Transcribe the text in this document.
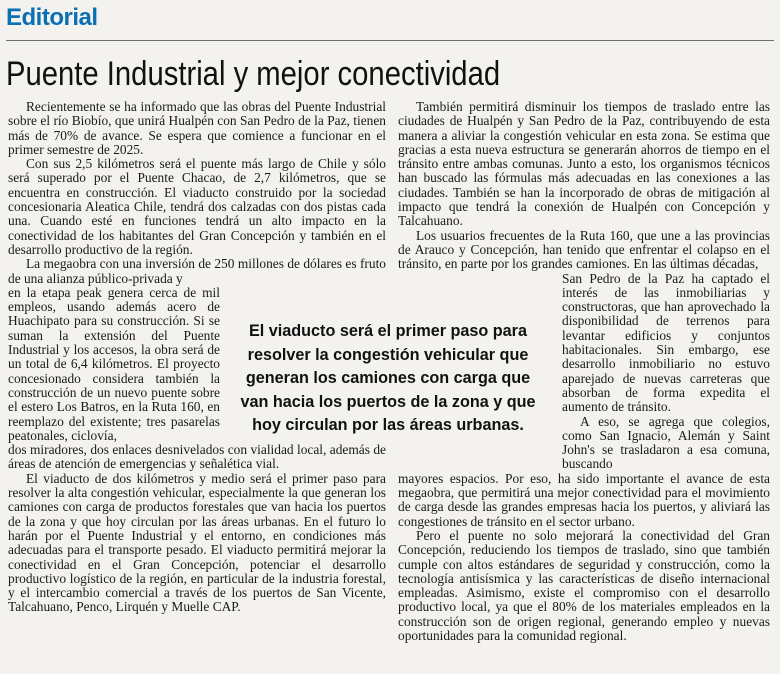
Editorial
Puente Industrial y mejor conectividad

Recientemente se ha informado que las obras del Puente Industrial sobre el río Biobío, que unirá Hualpén con San Pedro de la Paz, tienen más de 70% de avance. Se espera que comience a funcionar en el primer semestre de 2025.

Con sus 2,5 kilómetros será el puente más largo de Chile y sólo será superado por el Puente Chacao, de 2,7 kilómetros, que se encuentra en construcción. El viaducto construido por la sociedad concesionaria Aleatica Chile, tendrá dos calzadas con dos pistas cada una. Cuando esté en funciones tendrá un alto impacto en la conectividad de los habitantes del Gran Concepción y también en el desarrollo productivo de la región.

La megaobra con una inversión de 250 millones de dólares es fruto de una alianza público-privada y

en la etapa peak genera cerca de mil empleos, usando además acero de Huachipato para su construcción. Si se suman la extensión del Puente Industrial y los accesos, la obra será de un total de 6,4 kilómetros. El proyecto concesionado considera también la construcción de un nuevo puente sobre el estero Los Batros, en la Ruta 160, en reemplazo del existente; tres pasarelas peatonales, ciclovía,

dos miradores, dos enlaces desnivelados con vialidad local, además de áreas de atención de emergencias y señalética vial.

El viaducto de dos kilómetros y medio será el primer paso para resolver la alta congestión vehicular, especialmente la que generan los camiones con carga de productos forestales que van hacia los puertos de la zona y que hoy circulan por las áreas urbanas. En el futuro lo harán por el Puente Industrial y el entorno, en condiciones más adecuadas para el transporte pesado. El viaducto permitirá mejorar la conectividad en el Gran Concepción, potenciar el desarrollo productivo logístico de la región, en particular de la industria forestal, y el intercambio comercial a través de los puertos de San Vicente, Talcahuano, Penco, Lirquén y Muelle CAP.

También permitirá disminuir los tiempos de traslado entre las ciudades de Hualpén y San Pedro de la Paz, contribuyendo de esta manera a aliviar la congestión vehicular en esta zona. Se estima que gracias a esta nueva estructura se generarán ahorros de tiempo en el tránsito entre ambas comunas. Junto a esto, los organismos técnicos han buscado las fórmulas más adecuadas en las conexiones a las ciudades. También se han la incorporado de obras de mitigación al impacto que tendrá la conexión de Hualpén con Concepción y Talcahuano.

Los usuarios frecuentes de la Ruta 160, que une a las provincias de Arauco y Concepción, han tenido que enfrentar el colapso en el tránsito, en parte por los grandes camiones. En las últimas décadas,

San Pedro de la Paz ha captado el interés de las inmobiliarias y constructoras, que han aprovechado la disponibilidad de terrenos para levantar edificios y conjuntos habitacionales. Sin embargo, ese desarrollo inmobiliario no estuvo aparejado de nuevas carreteras que absorban de forma expedita el aumento de tránsito.

A eso, se agrega que colegios, como San Ignacio, Alemán y Saint John's se trasladaron a esa comuna, buscando

mayores espacios. Por eso, ha sido importante el avance de esta megaobra, que permitirá una mejor conectividad para el movimiento de carga desde las grandes empresas hacia los puertos, y aliviará las congestiones de tránsito en el sector urbano.

Pero el puente no solo mejorará la conectividad del Gran Concepción, reduciendo los tiempos de traslado, sino que también cumple con altos estándares de seguridad y construcción, como la tecnología antisísmica y las características de diseño internacional empleadas. Asimismo, existe el compromiso con el desarrollo productivo local, ya que el 80% de los materiales empleados en la construcción son de origen regional, generando empleo y nuevas oportunidades para la comunidad regional.

El viaducto será el primer paso para resolver la congestión vehicular que generan los camiones con carga que van hacia los puertos de la zona y que hoy circulan por las áreas urbanas.
